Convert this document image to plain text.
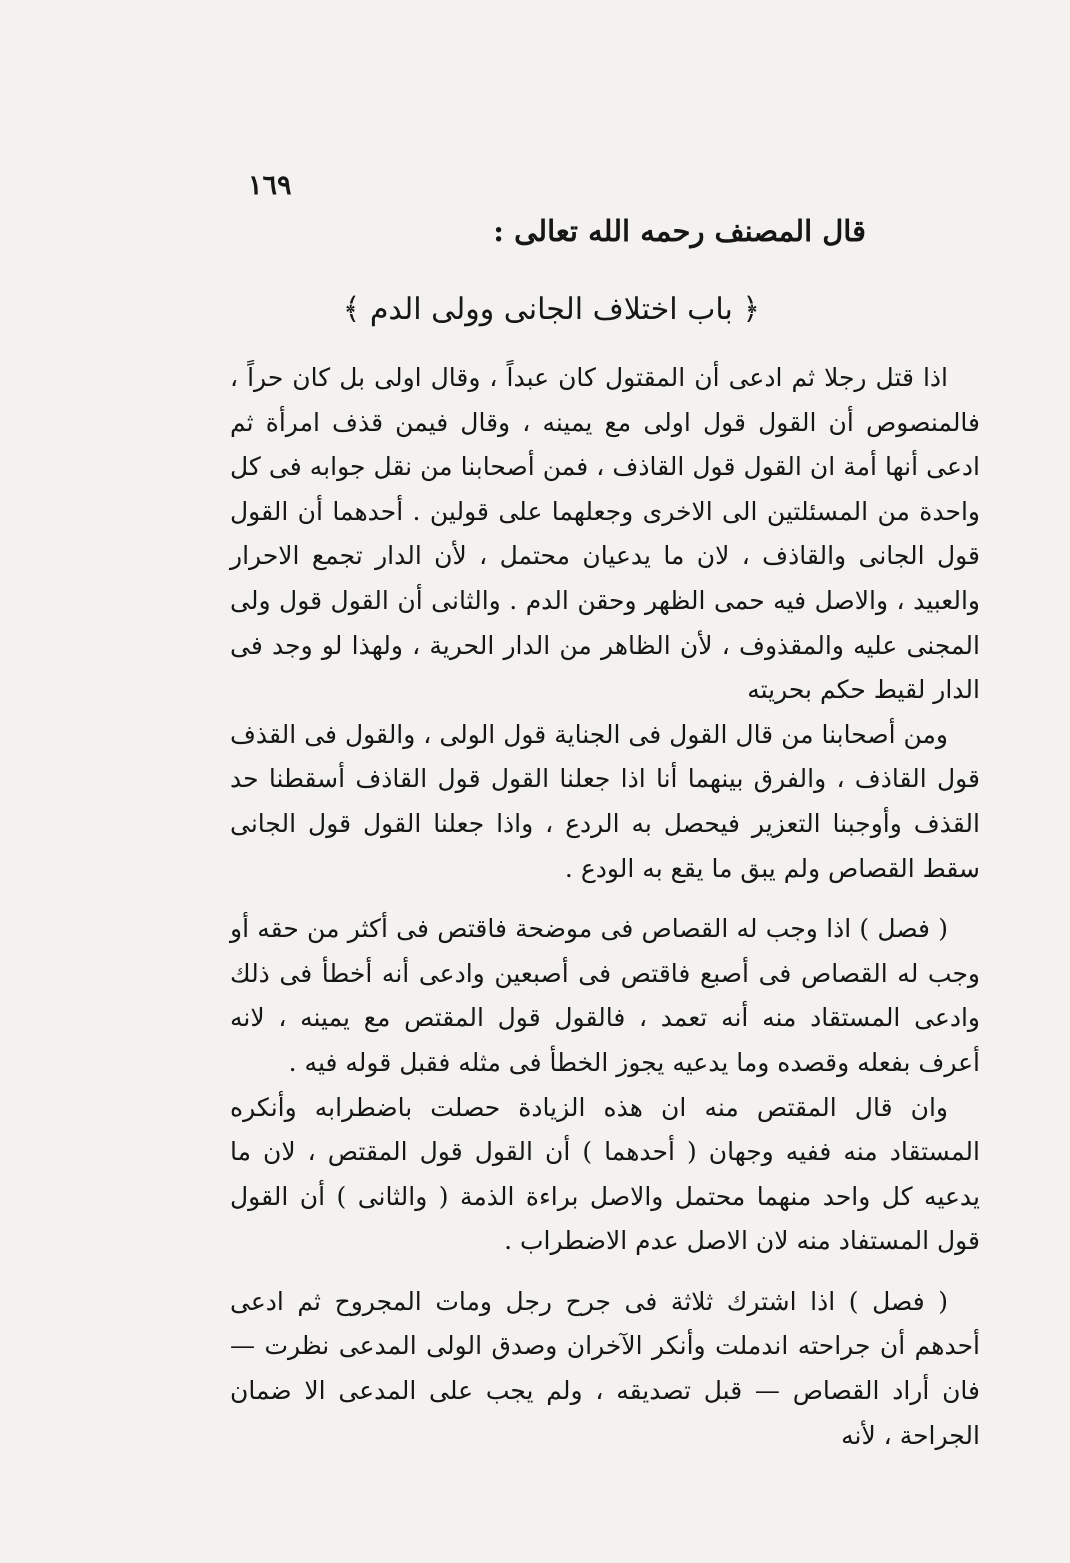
١٦٩
قال المصنف رحمه الله تعالى :
﴿ باب اختلاف الجانى وولى الدم ﴾

اذا قتل رجلا ثم ادعى أن المقتول كان عبداً ، وقال اولى بل كان حراً ، فالمنصوص أن القول قول اولى مع يمينه ، وقال فيمن قذف امرأة ثم ادعى أنها أمة ان القول قول القاذف ، فمن أصحابنا من نقل جوابه فى كل واحدة من المسئلتين الى الاخرى وجعلهما على قولين . أحدهما أن القول قول الجانى والقاذف ، لان ما يدعيان محتمل ، لأن الدار تجمع الاحرار والعبيد ، والاصل فيه حمى الظهر وحقن الدم . والثانى أن القول قول ولى المجنى عليه والمقذوف ، لأن الظاهر من الدار الحرية ، ولهذا لو وجد فى الدار لقيط حكم بحريته

ومن أصحابنا من قال القول فى الجناية قول الولى ، والقول فى القذف قول القاذف ، والفرق بينهما أنا اذا جعلنا القول قول القاذف أسقطنا حد القذف وأوجبنا التعزير فيحصل به الردع ، واذا جعلنا القول قول الجانى سقط القصاص ولم يبق ما يقع به الودع .

( فصل ) اذا وجب له القصاص فى موضحة فاقتص فى أكثر من حقه أو وجب له القصاص فى أصبع فاقتص فى أصبعين وادعى أنه أخطأ فى ذلك وادعى المستقاد منه أنه تعمد ، فالقول قول المقتص مع يمينه ، لانه أعرف بفعله وقصده وما يدعيه يجوز الخطأ فى مثله فقبل قوله فيه .

وان قال المقتص منه ان هذه الزيادة حصلت باضطرابه وأنكره المستقاد منه ففيه وجهان ( أحدهما ) أن القول قول المقتص ، لان ما يدعيه كل واحد منهما محتمل والاصل براءة الذمة ( والثانى ) أن القول قول المستفاد منه لان الاصل عدم الاضطراب .

( فصل ) اذا اشترك ثلاثة فى جرح رجل ومات المجروح ثم ادعى أحدهم أن جراحته اندملت وأنكر الآخران وصدق الولى المدعى نظرت — فان أراد القصاص — قبل تصديقه ، ولم يجب على المدعى الا ضمان الجراحة ، لأنه
